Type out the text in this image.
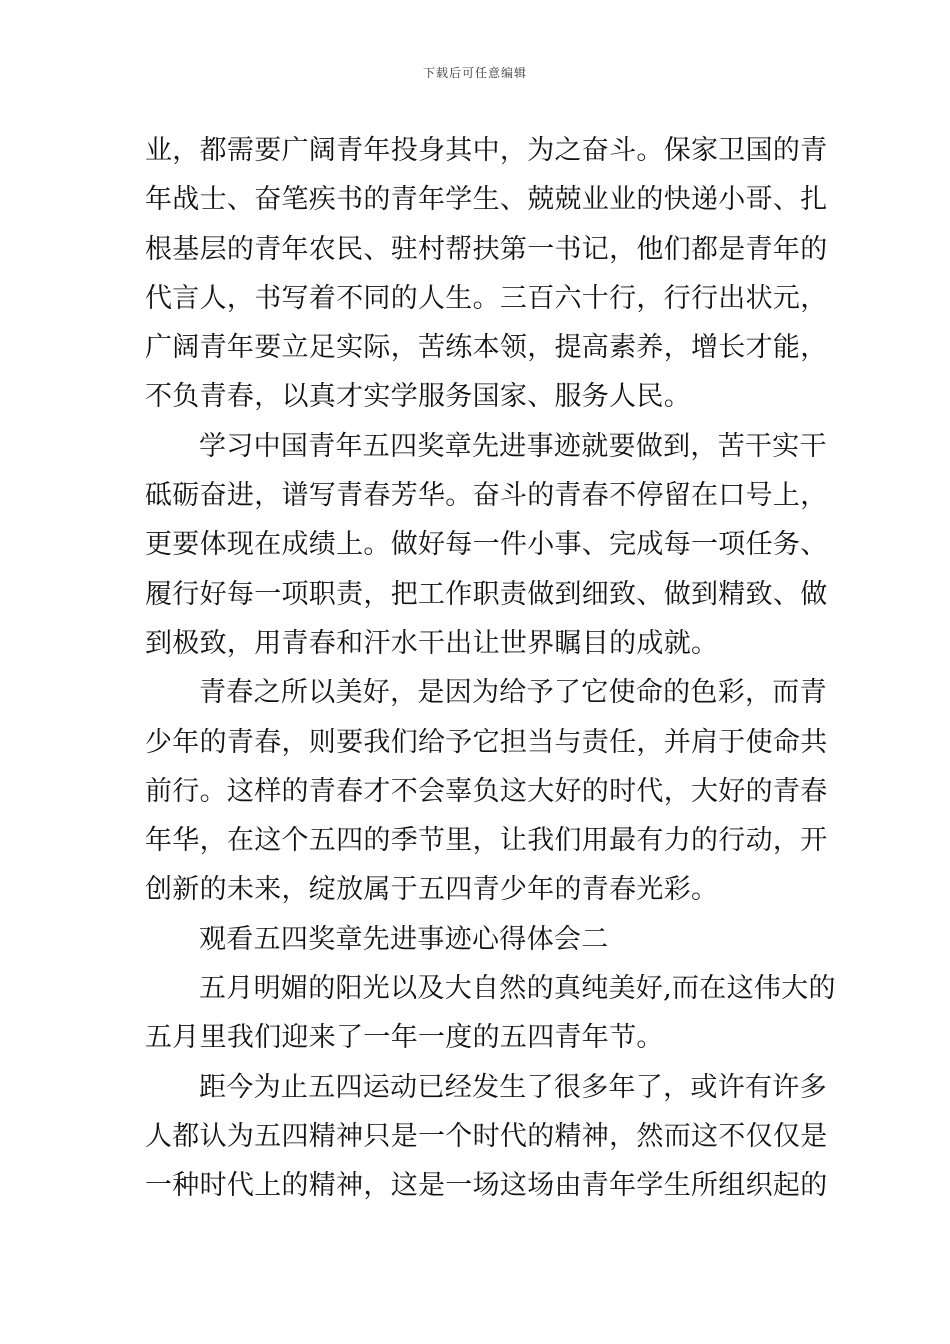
下载后可任意编辑
业，都需要广阔青年投身其中，为之奋斗。保家卫国的青
年战士、奋笔疾书的青年学生、兢兢业业的快递小哥、扎
根基层的青年农民、驻村帮扶第一书记，他们都是青年的
代言人，书写着不同的人生。三百六十行，行行出状元，
广阔青年要立足实际，苦练本领，提高素养，增长才能，
不负青春，以真才实学服务国家、服务人民。
学习中国青年五四奖章先进事迹就要做到，苦干实干
砥砺奋进，谱写青春芳华。奋斗的青春不停留在口号上，
更要体现在成绩上。做好每一件小事、完成每一项任务、
履行好每一项职责，把工作职责做到细致、做到精致、做
到极致，用青春和汗水干出让世界瞩目的成就。
青春之所以美好，是因为给予了它使命的色彩，而青
少年的青春，则要我们给予它担当与责任，并肩于使命共
前行。这样的青春才不会辜负这大好的时代，大好的青春
年华，在这个五四的季节里，让我们用最有力的行动，开
创新的未来，绽放属于五四青少年的青春光彩。
观看五四奖章先进事迹心得体会二
五月明媚的阳光以及大自然的真纯美好,而在这伟大的
五月里我们迎来了一年一度的五四青年节。
距今为止五四运动已经发生了很多年了，或许有许多
人都认为五四精神只是一个时代的精神，然而这不仅仅是
一种时代上的精神，这是一场这场由青年学生所组织起的
